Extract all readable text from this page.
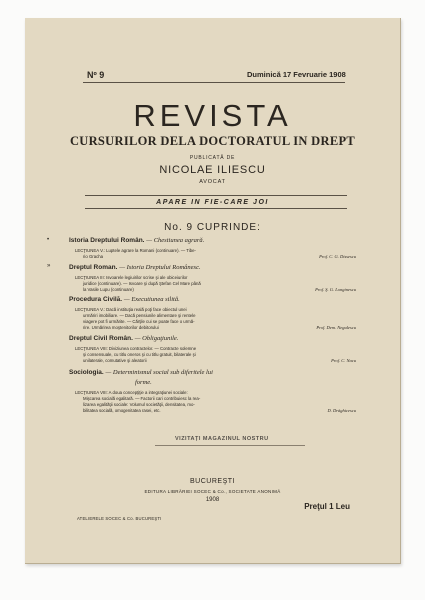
Nº 9	Duminică 17 Fevruarie 1908

REVISTA
CURSURILOR DELA DOCTORATUL IN DREPT

PUBLICATĂ DE

NICOLAE ILIESCU

AVOCAT

APARE IN FIE-CARE JOI

No. 9 CUPRINDE:

•	Istoria Dreptului Român. — Chestiunea agrară.

LECŢIUNEA V.: Luptele agrare la Romani (continuare). — Tibe-

rio Gracha	Prof. C. G. Dissescu

»	Dreptul Roman. — Istoria Dreptului Românesc.

LECŢIUNEA III: Isvoarele legiuirilor scrise şi ale obiceiurilor

juridice (continuare). — Isvoare şi după Ştefan Cel Mare până

la Vasile Lupu (continuare)	Prof. Ş. G. Longinescu

Procedura Civilă. — Executiunea silită.

LECŢIUNEA V.: Dacă instituţia reală poţi face obiectul unei

urmăriri imobiliare. — Dacă pensiunile alimentare şi rentele

viagere pot fi urmărite. — Cărţile cui se poate face o urmă-

rire. Urmărirea moştenitorilor debitorului	Prof. Dem. Negulescu

Dreptul Civil Român. — Obligaţiunile.

LECŢIUNEA VIII: Diviziunea contractelor. — Contracte solemne

şi consensuale, cu titlu oneros şi cu titlu gratuit, bilaterale şi

unilaterale, comutative şi aleatorii	Prof. C. Nacu

Sociologia. — Determinismul social sub diferitele lui

forme.

LECŢIUNEA VIII: A doua concepţiţie a integraţiunei sociale:

Mişcarea socială egalitară. — Factorii cari contribuiesc la rea-

lizarea egalităţii sociale: Volumul societăţii, densitatea, mo-

bilitatea socială, omogenitatea rasei, etc.	D. Drăghicescu

VIZITAȚI MAGAZINUL NOSTRU

BUCUREŞTI

EDITURA LIBRĂRIEI SOCEC & Co., SOCIETATE ANONIMĂ

1908

Preţul 1 Leu

ATELIERELE SOCEC & Co. BUCUREŞTI
